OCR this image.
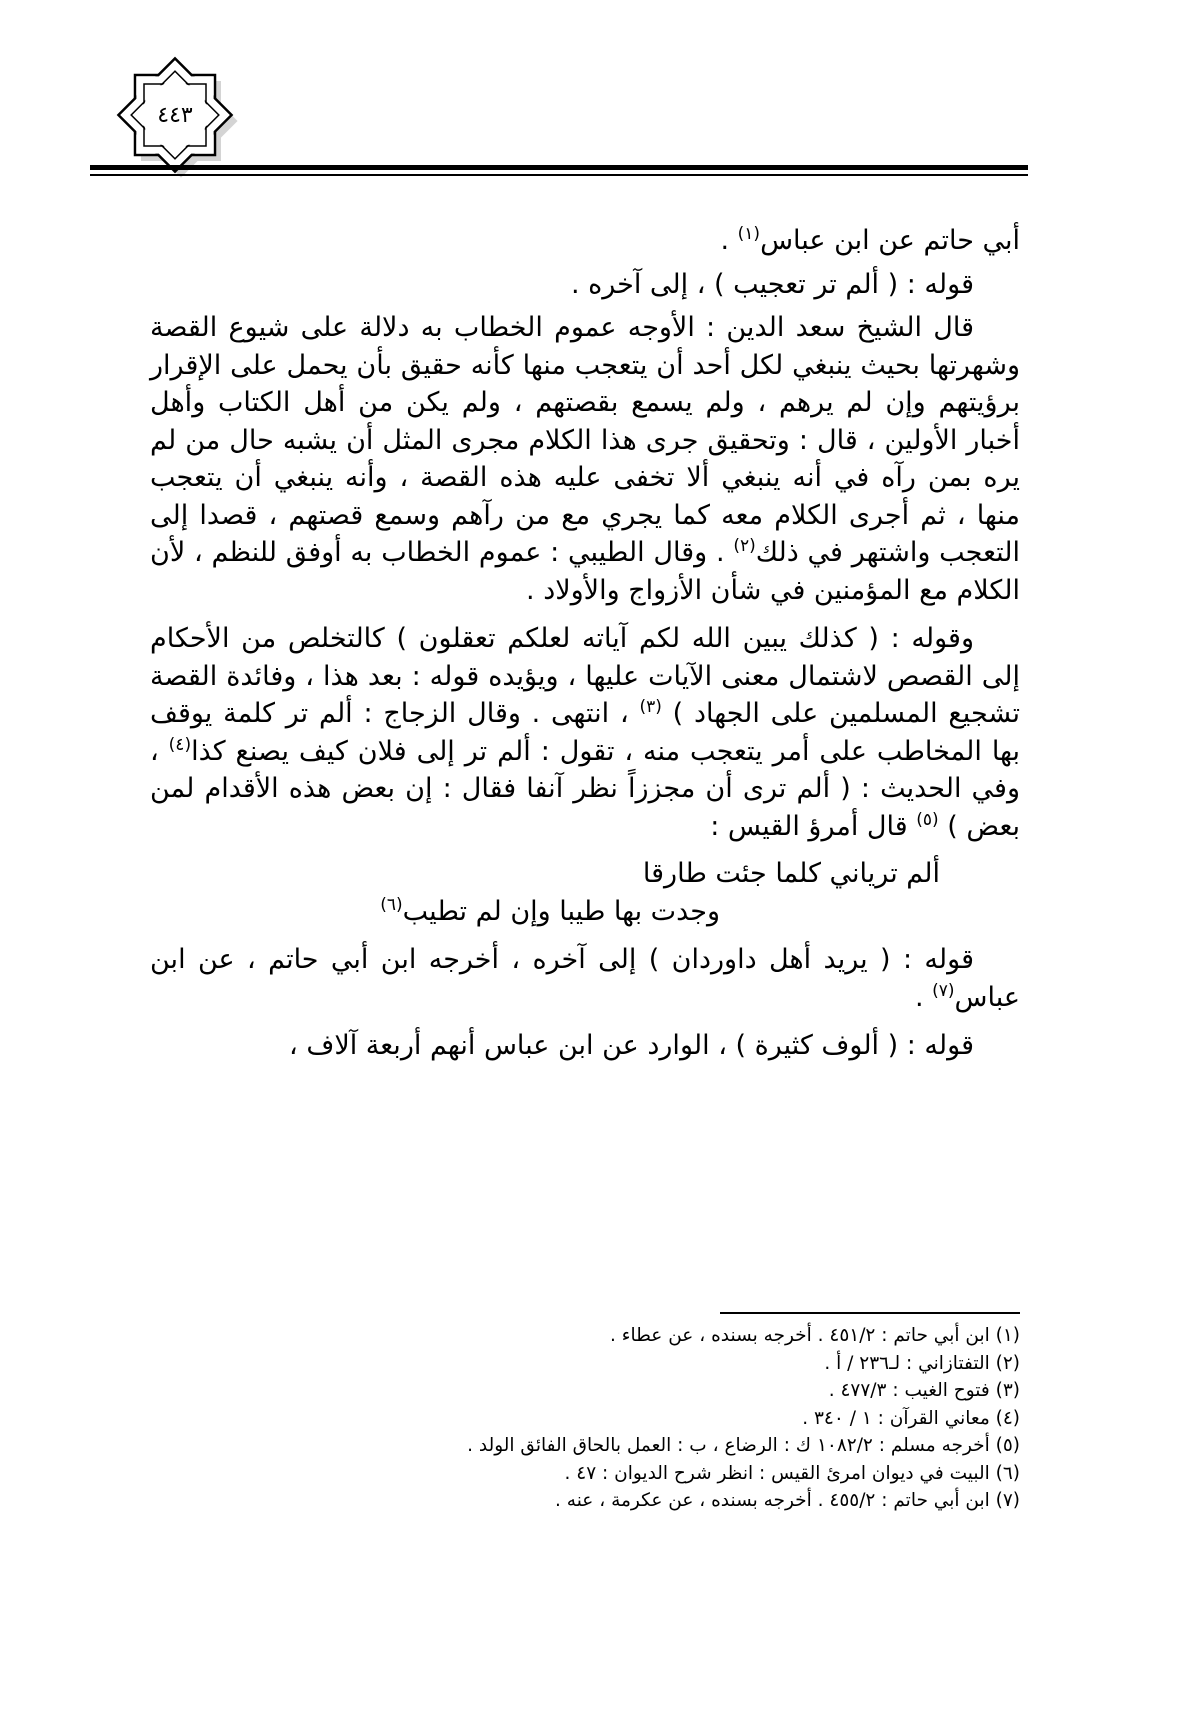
٤٤٣

أبي حاتم عن ابن عباس$^{(١)}$ .

قوله : ( ألم تر تعجيب ) ، إلى آخره .

قال الشيخ سعد الدين : الأوجه عموم الخطاب به دلالة على شيوع القصة وشهرتها بحيث ينبغي لكل أحد أن يتعجب منها كأنه حقيق بأن يحمل على الإقرار برؤيتهم وإن لم يرهم ، ولم يسمع بقصتهم ، ولم يكن من أهل الكتاب وأهل أخبار الأولين ، قال : وتحقيق جرى هذا الكلام مجرى المثل أن يشبه حال من لم يره بمن رآه في أنه ينبغي ألا تخفى عليه هذه القصة ، وأنه ينبغي أن يتعجب منها ، ثم أجرى الكلام معه كما يجري مع من رآهم وسمع قصتهم ، قصدا إلى التعجب واشتهر في ذلك$^{(٢)}$ . وقال الطيبي : عموم الخطاب به أوفق للنظم ، لأن الكلام مع المؤمنين في شأن الأزواج والأولاد .

وقوله : ( كذلك يبين الله لكم آياته لعلكم تعقلون ) كالتخلص من الأحكام إلى القصص لاشتمال معنى الآيات عليها ، ويؤيده قوله : بعد هذا ، وفائدة القصة تشجيع المسلمين على الجهاد ) $^{(٣)}$ ، انتهى . وقال الزجاج : ألم تر كلمة يوقف بها المخاطب على أمر يتعجب منه ، تقول : ألم تر إلى فلان كيف يصنع كذا$^{(٤)}$ ، وفي الحديث : ( ألم ترى أن مجززاً نظر آنفا فقال : إن بعض هذه الأقدام لمن بعض ) $^{(٥)}$ قال أمرؤ القيس :

ألم ترياني كلما جئت طارقا

وجدت بها طيبا وإن لم تطيب$^{(٦)}$

قوله : ( يريد أهل داوردان ) إلى آخره ، أخرجه ابن أبي حاتم ، عن ابن عباس$^{(٧)}$ .

قوله : ( ألوف كثيرة ) ، الوارد عن ابن عباس أنهم أربعة آلاف ،

(١) ابن أبي حاتم : ٤٥١/٢ . أخرجه بسنده ، عن عطاء .

(٢) التفتازاني : لـ٢٣٦ / أ .

(٣) فتوح الغيب : ٤٧٧/٣ .

(٤) معاني القرآن : ١ / ٣٤٠ .

(٥) أخرجه مسلم : ١٠٨٢/٢ ك : الرضاع ، ب : العمل بالحاق الفائق الولد .

(٦) البيت في ديوان امرئ القيس : انظر شرح الديوان : ٤٧ .

(٧) ابن أبي حاتم : ٤٥٥/٢ . أخرجه بسنده ، عن عكرمة ، عنه .
